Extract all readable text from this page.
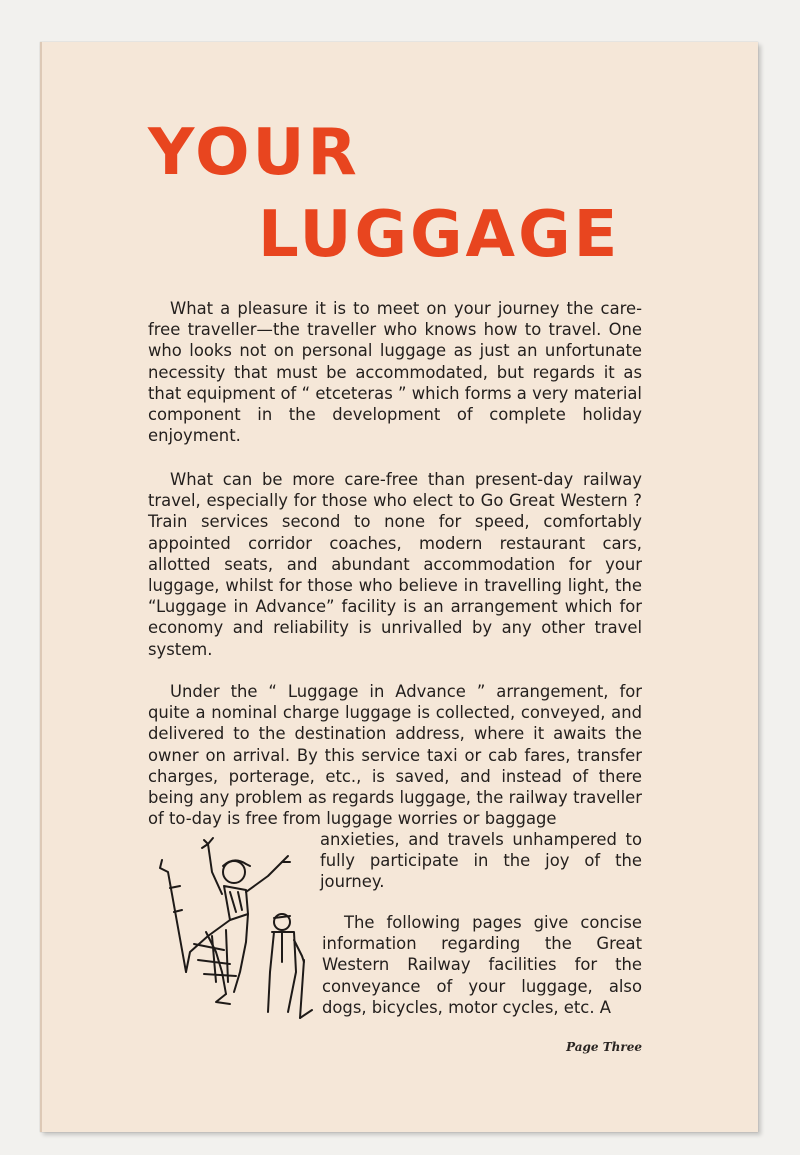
YOUR
LUGGAGE

What a pleasure it is to meet on your journey the care-free traveller—the traveller who knows how to travel. One who looks not on personal luggage as just an unfortunate necessity that must be accommodated, but regards it as that equipment of “ etceteras ” which forms a very material component in the development of complete holiday enjoyment.

What can be more care-free than present-day railway travel, especially for those who elect to Go Great Western ? Train services second to none for speed, comfortably appointed corridor coaches, modern restaurant cars, allotted seats, and abundant accommodation for your luggage, whilst for those who believe in travelling light, the “Luggage in Advance” facility is an arrangement which for economy and reliability is unrivalled by any other travel system.

Under the “ Luggage in Advance ” arrangement, for quite a nominal charge luggage is collected, conveyed, and delivered to the destination address, where it awaits the owner on arrival. By this service taxi or cab fares, transfer charges, porterage, etc., is saved, and instead of there being any problem as regards luggage, the railway traveller of to-day is free from luggage worries or baggage

anxieties, and travels unhampered to fully participate in the joy of the journey.

The following pages give concise information regarding the Great Western Railway facilities for the conveyance of your luggage, also dogs, bicycles, motor cycles, etc. A

Page Three
